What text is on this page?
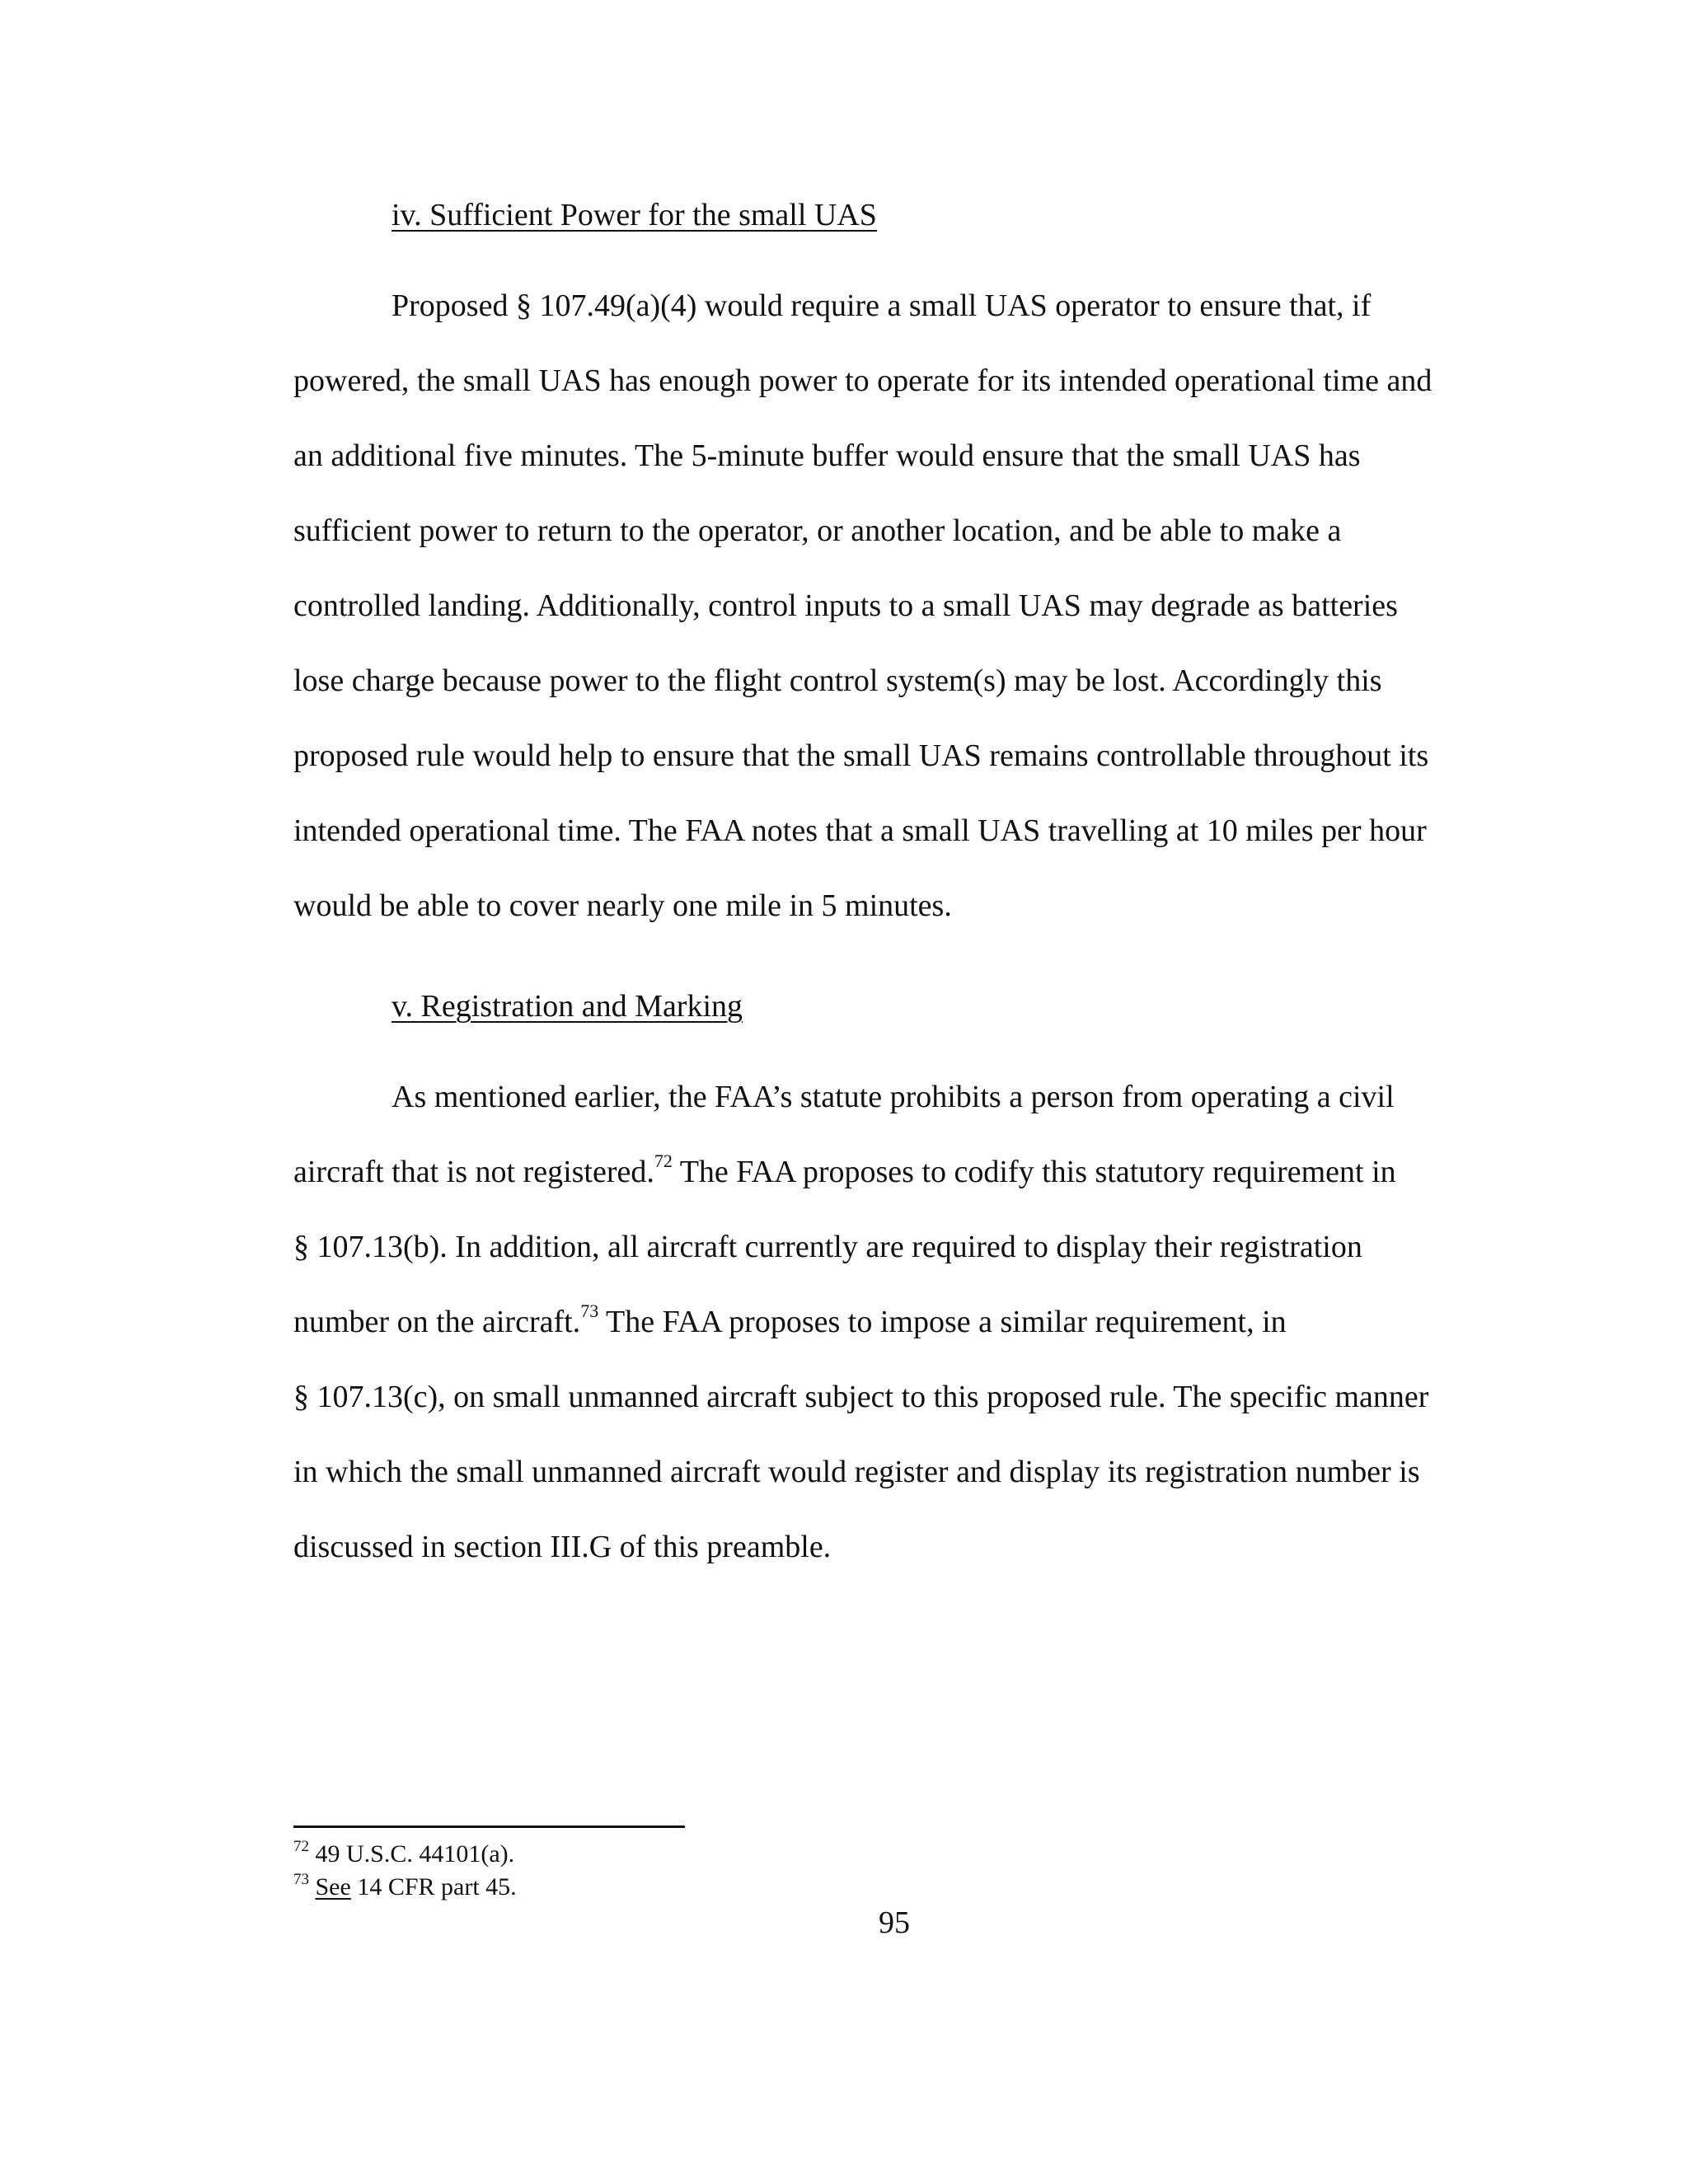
iv. Sufficient Power for the small UAS
Proposed § 107.49(a)(4) would require a small UAS operator to ensure that, if
powered, the small UAS has enough power to operate for its intended operational time and
an additional five minutes. The 5-minute buffer would ensure that the small UAS has
sufficient power to return to the operator, or another location, and be able to make a
controlled landing. Additionally, control inputs to a small UAS may degrade as batteries
lose charge because power to the flight control system(s) may be lost. Accordingly this
proposed rule would help to ensure that the small UAS remains controllable throughout its
intended operational time. The FAA notes that a small UAS travelling at 10 miles per hour
would be able to cover nearly one mile in 5 minutes.
v. Registration and Marking
As mentioned earlier, the FAA’s statute prohibits a person from operating a civil
aircraft that is not registered.$^{72}$ The FAA proposes to codify this statutory requirement in
§ 107.13(b). In addition, all aircraft currently are required to display their registration
number on the aircraft.$^{73}$ The FAA proposes to impose a similar requirement, in
§ 107.13(c), on small unmanned aircraft subject to this proposed rule. The specific manner
in which the small unmanned aircraft would register and display its registration number is
discussed in section III.G of this preamble.
$^{72}$ 49 U.S.C. 44101(a).
$^{73}$ See 14 CFR part 45.
95
